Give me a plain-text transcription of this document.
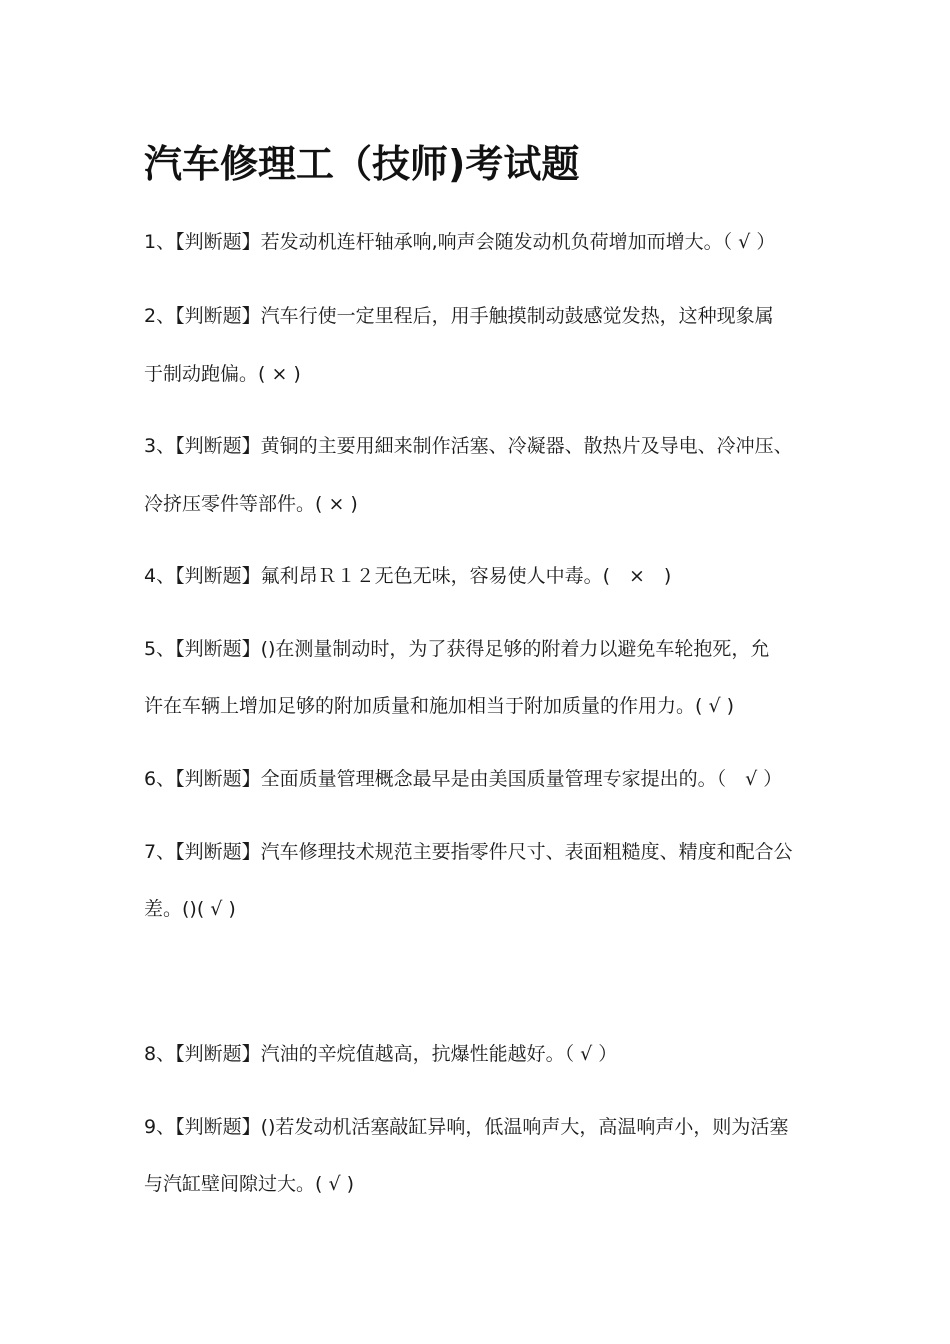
汽车修理工（技师)考试题

1、【判断题】若发动机连杆轴承响,响声会随发动机负荷增加而增大。（ √ ）

2、【判断题】汽车行使一定里程后，用手触摸制动鼓感觉发热，这种现象属

于制动跑偏。( × )

3、【判断题】黄铜的主要用細来制作活塞、冷凝器、散热片及导电、冷冲压、

冷挤压零件等部件。( × )

4、【判断题】氟利昂Ｒ１２无色无味，容易使人中毒。(　×　)

5、【判断题】()在测量制动时，为了获得足够的附着力以避免车轮抱死，允

许在车辆上增加足够的附加质量和施加相当于附加质量的作用力。( √ )

6、【判断题】全面质量管理概念最早是由美国质量管理专家提出的。（　√ ）

7、【判断题】汽车修理技术规范主要指零件尺寸、表面粗糙度、精度和配合公

差。()( √ )

8、【判断题】汽油的辛烷值越高，抗爆性能越好。（ √ ）

9、【判断题】()若发动机活塞敲缸异响，低温响声大，高温响声小，则为活塞

与汽缸壁间隙过大。( √ )
